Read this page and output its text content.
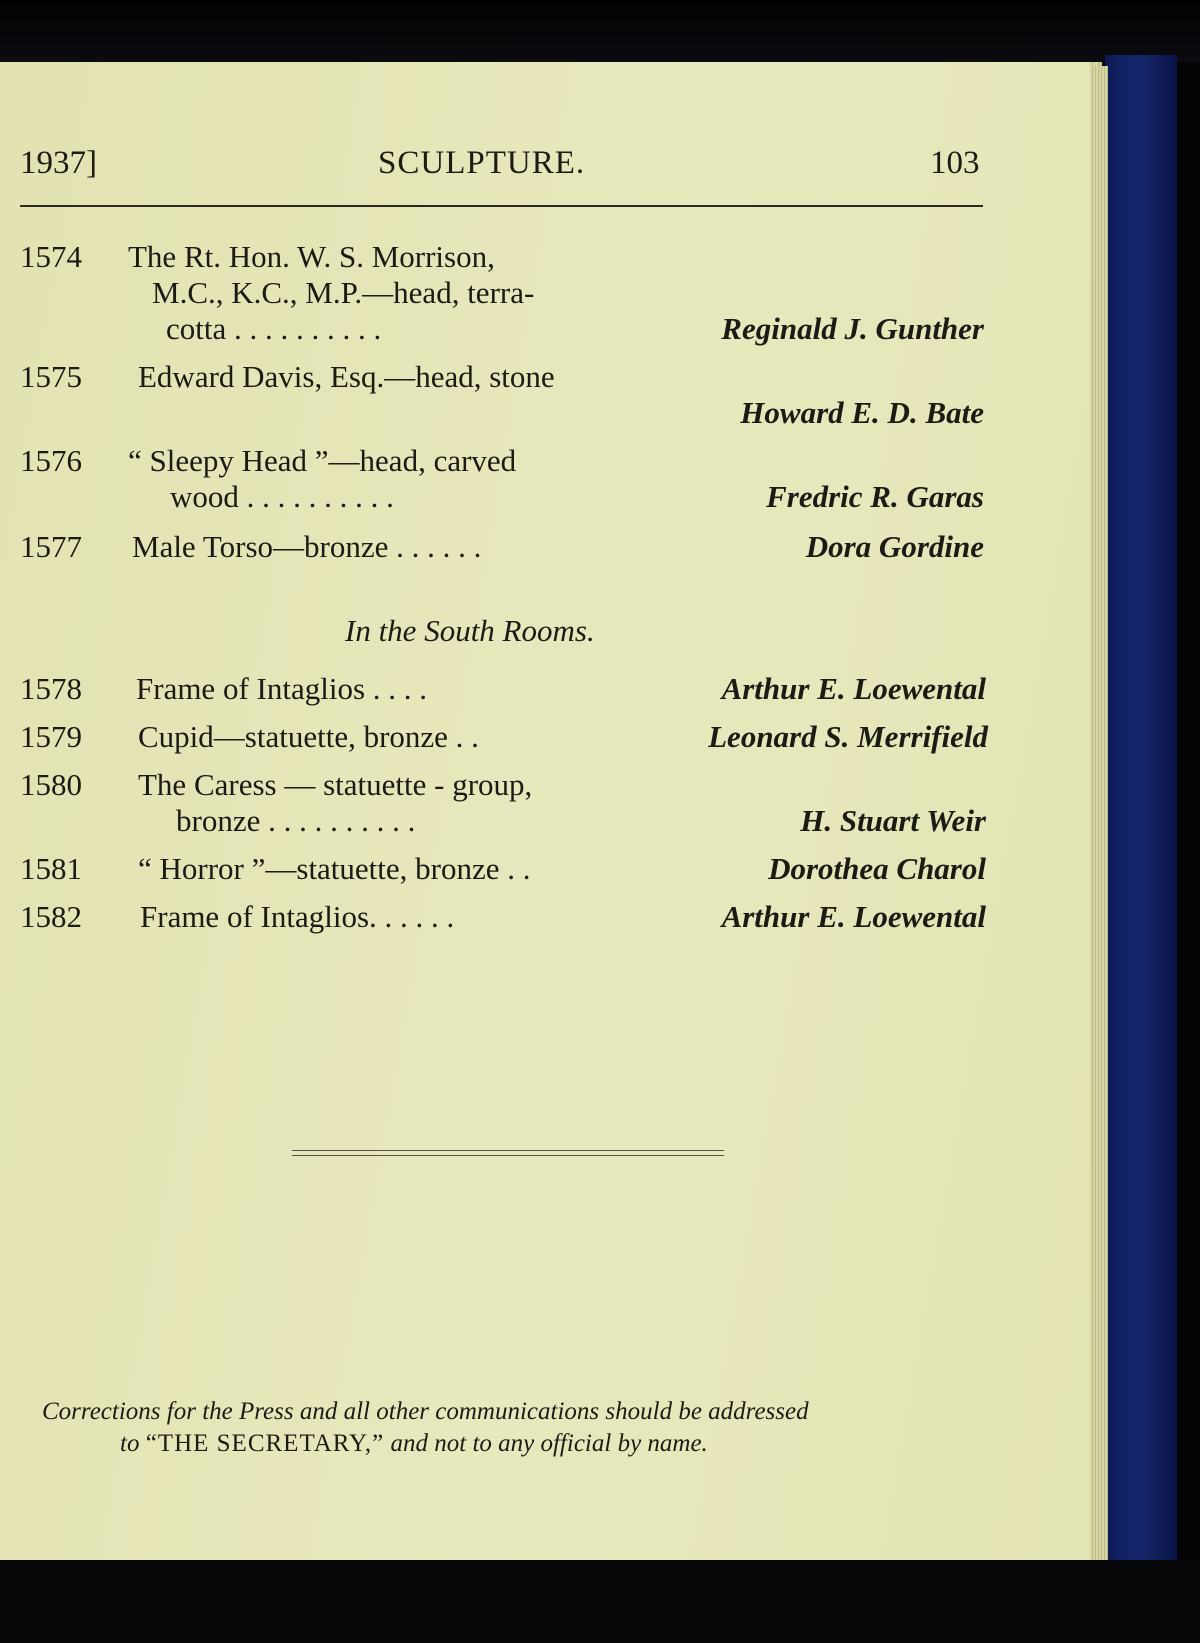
1937]	SCULPTURE.	103
1574 The Rt. Hon. W. S. Morrison,
M.C., K.C., M.P.—head, terra-
cotta . . . . . . . . . .	Reginald J. Gunther
1575 Edward Davis, Esq.—head, stone
Howard E. D. Bate
1576 “ Sleepy Head ”—head, carved
wood . . . . . . . . . .	Fredric R. Garas
1577 Male Torso—bronze . . . . . .	Dora Gordine
In the South Rooms.
1578 Frame of Intaglios . . . .	Arthur E. Loewental
1579 Cupid—statuette, bronze . .	Leonard S. Merrifield
1580 The Caress — statuette - group,
bronze . . . . . . . . . .	H. Stuart Weir
1581 “ Horror ”—statuette, bronze . .	Dorothea Charol
1582 Frame of Intaglios. . . . . .	Arthur E. Loewental
Corrections for the Press and all other communications should be addressed
to “THE SECRETARY,” and not to any official by name.
